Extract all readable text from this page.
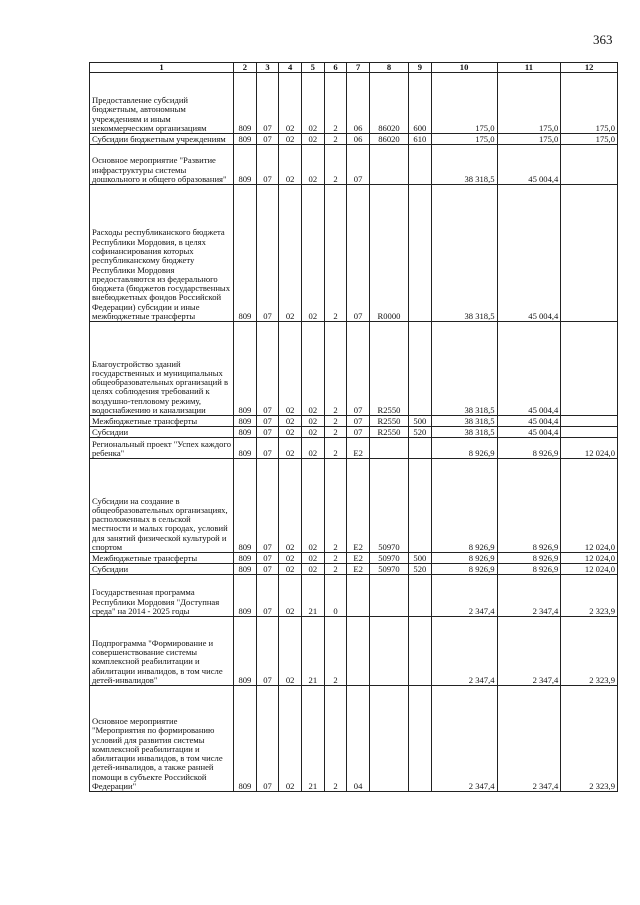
363
1	2	3	4	5	6	7	8	9	10	11	12
Предоставление субсидий бюджетным, автономным учреждениям и иным некоммерческим организациям	809	07	02	02	2	06	86020	600	175,0	175,0	175,0
Субсидии бюджетным учреждениям	809	07	02	02	2	06	86020	610	175,0	175,0	175,0
Основное мероприятие "Развитие инфраструктуры системы дошкольного и общего образования"	809	07	02	02	2	07			38 318,5	45 004,4	
Расходы республиканского бюджета Республики Мордовия, в целях софинансирования которых республиканскому бюджету Республики Мордовия предоставляются из федерального бюджета (бюджетов государственных внебюджетных фондов Российской Федерации) субсидии и иные межбюджетные трансферты	809	07	02	02	2	07	R0000		38 318,5	45 004,4	
Благоустройство зданий государственных и муниципальных общеобразовательных организаций в целях соблюдения требований к воздушно-тепловому режиму, водоснабжению и канализации	809	07	02	02	2	07	R2550		38 318,5	45 004,4	
Межбюджетные трансферты	809	07	02	02	2	07	R2550	500	38 318,5	45 004,4	
Субсидии	809	07	02	02	2	07	R2550	520	38 318,5	45 004,4	
Региональный проект "Успех каждого ребенка"	809	07	02	02	2	E2			8 926,9	8 926,9	12 024,0
Субсидии на создание в общеобразовательных организациях, расположенных в сельской местности и малых городах, условий для занятий физической культурой и спортом	809	07	02	02	2	E2	50970		8 926,9	8 926,9	12 024,0
Межбюджетные трансферты	809	07	02	02	2	E2	50970	500	8 926,9	8 926,9	12 024,0
Субсидии	809	07	02	02	2	E2	50970	520	8 926,9	8 926,9	12 024,0
Государственная программа Республики Мордовия "Доступная среда" на 2014 - 2025 годы	809	07	02	21	0				2 347,4	2 347,4	2 323,9
Подпрограмма "Формирование и совершенствование системы комплексной реабилитации и абилитации инвалидов, в том числе детей-инвалидов"	809	07	02	21	2				2 347,4	2 347,4	2 323,9
Основное мероприятие "Мероприятия по формированию условий для развития системы комплексной реабилитации и абилитации инвалидов, в том числе детей-инвалидов, а также ранней помощи в субъекте Российской Федерации"	809	07	02	21	2	04			2 347,4	2 347,4	2 323,9
